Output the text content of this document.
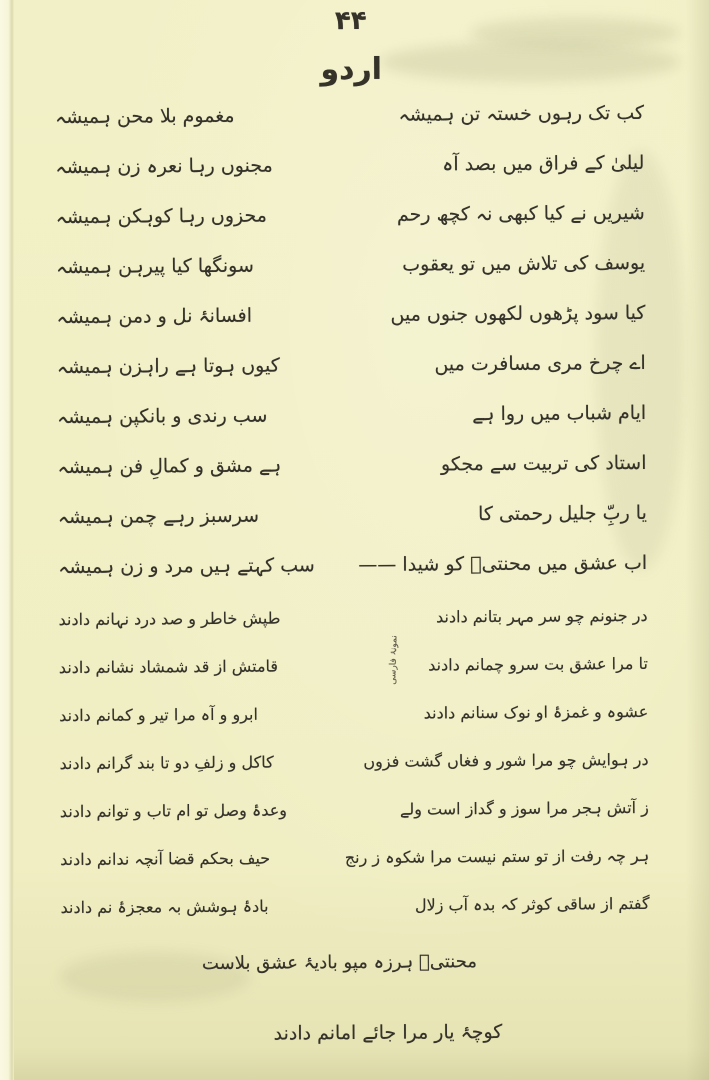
۴۴
اردو
کب تک رہوں خستہ تن ہمیشہ
مغموم بلا محن ہمیشہ
لیلیٰ کے فراق میں بصد آہ
مجنوں رہا نعرہ زن ہمیشہ
شیریں نے کیا کبھی نہ کچھ رحم
محزوں رہا کوہکن ہمیشہ
یوسف کی تلاش میں تو یعقوب
سونگھا کیا پیرہن ہمیشہ
کیا سود پڑھوں لکھوں جنوں میں
افسانۂ نل و دمن ہمیشہ
اے چرخ مری مسافرت میں
کیوں ہوتا ہے راہزن ہمیشہ
ایام شباب میں روا ہے
سب رندی و بانکپن ہمیشہ
استاد کی تربیت سے مجکو
ہے مشق و کمالِ فن ہمیشہ
یا ربِّ جلیل رحمتی کا
سرسبز رہے چمن ہمیشہ
اب عشق میں محنتیؔ کو شیدا ——
سب کہتے ہیں مرد و زن ہمیشہ
نمونۂ فارسی
در جنونم چو سر مہر بتانم دادند
طپش خاطر و صد درد نہانم دادند
تا مرا عشق بت سرو چمانم دادند
قامتش از قد شمشاد نشانم دادند
عشوہ و غمزۂ او نوک سنانم دادند
ابرو و آہ مرا تیر و کمانم دادند
در ہوایش چو مرا شور و فغاں گشت فزوں
کاکل و زلفِ دو تا بند گرانم دادند
ز آتش ہجر مرا سوز و گداز است ولے
وعدۂ وصل تو ام تاب و توانم دادند
ہر چہ رفت از تو ستم نیست مرا شکوہ ز رنج
حیف بحکم قضا آنچہ ندانم دادند
گفتم از ساقی کوثر کہ بدہ آب زلال
بادۂ ہوشش بہ معجزۂ نم دادند
محنتیؔ ہرزہ مپو بادیۂ عشق بلاست
کوچۂ یار مرا جائے امانم دادند
